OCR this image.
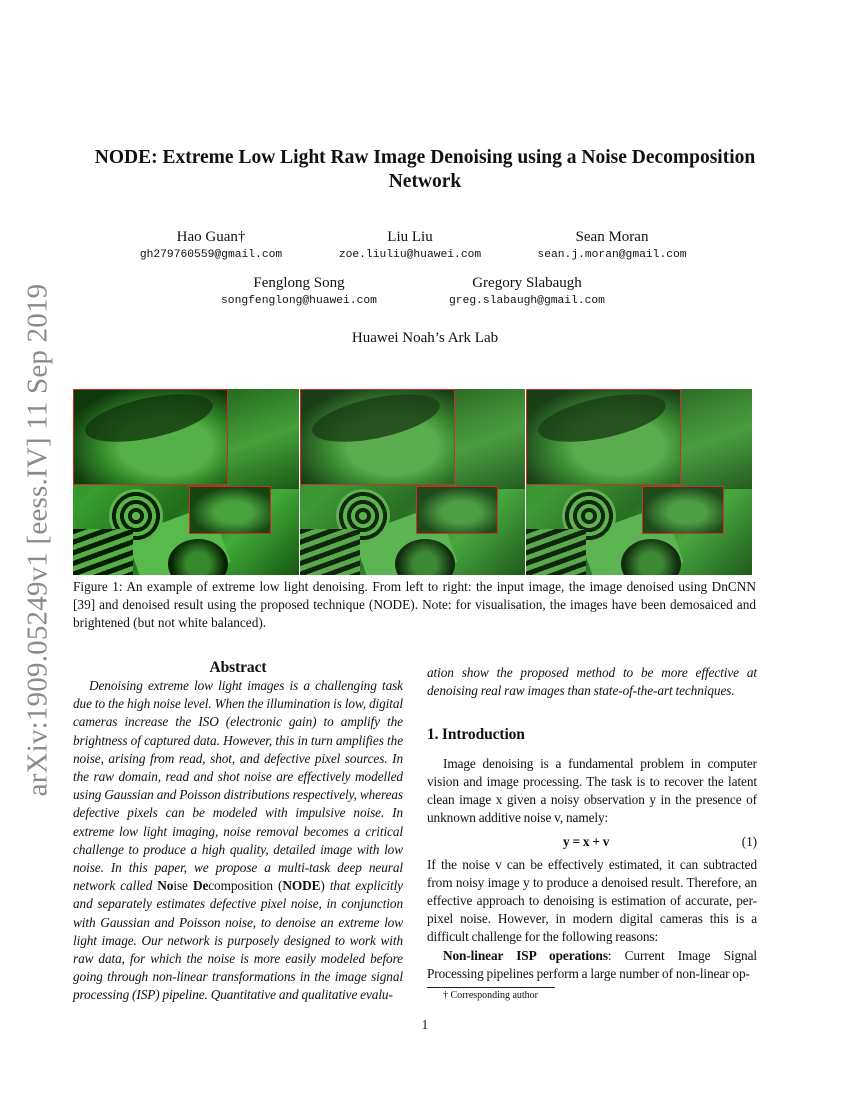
arXiv:1909.05249v1 [eess.IV] 11 Sep 2019
NODE: Extreme Low Light Raw Image Denoising using a Noise Decomposition Network
Hao Guan†
gh279760559@gmail.com
Liu Liu
zoe.liuliu@huawei.com
Sean Moran
sean.j.moran@gmail.com
Fenglong Song
songfenglong@huawei.com
Gregory Slabaugh
greg.slabaugh@gmail.com
Huawei Noah’s Ark Lab
Figure 1: An example of extreme low light denoising. From left to right: the input image, the image denoised using DnCNN [39] and denoised result using the proposed technique (NODE). Note: for visualisation, the images have been demosaiced and brightened (but not white balanced).
Abstract
Denoising extreme low light images is a challenging task due to the high noise level. When the illumination is low, digital cameras increase the ISO (electronic gain) to amplify the brightness of captured data. However, this in turn amplifies the noise, arising from read, shot, and defective pixel sources. In the raw domain, read and shot noise are effectively modelled using Gaussian and Poisson distributions respectively, whereas defective pixels can be modeled with impulsive noise. In extreme low light imaging, noise removal becomes a critical challenge to produce a high quality, detailed image with low noise. In this paper, we propose a multi-task deep neural network called Noise Decomposition (NODE) that explicitly and separately estimates defective pixel noise, in conjunction with Gaussian and Poisson noise, to denoise an extreme low light image. Our network is purposely designed to work with raw data, for which the noise is more easily modeled before going through non-linear transformations in the image signal processing (ISP) pipeline. Quantitative and qualitative evalu-
ation show the proposed method to be more effective at denoising real raw images than state-of-the-art techniques.
1. Introduction
Image denoising is a fundamental problem in computer vision and image processing. The task is to recover the latent clean image x given a noisy observation y in the presence of unknown additive noise v, namely:
y = x + v	(1)
If the noise v can be effectively estimated, it can subtracted from noisy image y to produce a denoised result. Therefore, an effective approach to denoising is estimation of accurate, per-pixel noise. However, in modern digital cameras this is a difficult challenge for the following reasons:
Non-linear ISP operations: Current Image Signal Processing pipelines perform a large number of non-linear op-
† Corresponding author
1
